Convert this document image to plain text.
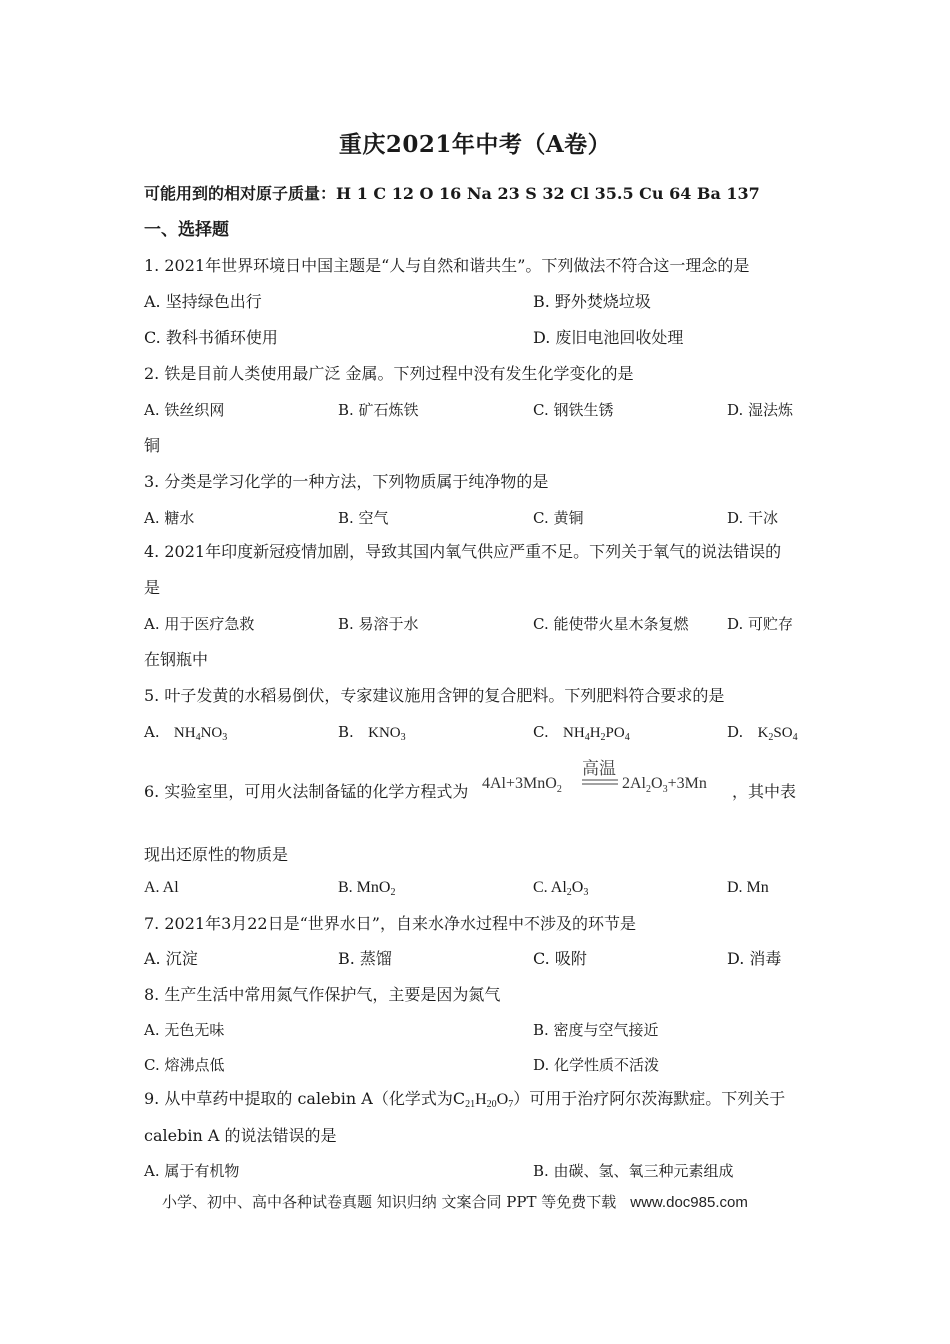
重庆2021年中考（A卷）
可能用到的相对原子质量：H 1 C 12 O 16 Na 23 S 32 Cl 35.5 Cu 64 Ba 137
一、选择题
1. 2021年世界环境日中国主题是“人与自然和谐共生”。下列做法不符合这一理念的是
A. 坚持绿色出行	B. 野外焚烧垃圾
C. 教科书循环使用	D. 废旧电池回收处理
2. 铁是目前人类使用最广泛 金属。下列过程中没有发生化学变化的是
A. 铁丝织网	B. 矿石炼铁	C. 钢铁生锈	D. 湿法炼
铜
3. 分类是学习化学的一种方法，下列物质属于纯净物的是
A. 糖水	B. 空气	C. 黄铜	D. 干冰
4. 2021年印度新冠疫情加剧，导致其国内氧气供应严重不足。下列关于氧气的说法错误的
是
A. 用于医疗急救	B. 易溶于水	C. 能使带火星木条复燃	D. 可贮存
在钢瓶中
5. 叶子发黄的水稻易倒伏，专家建议施用含钾的复合肥料。下列肥料符合要求的是
A. $NH_4NO_3$	B. $KNO_3$	C. $NH_4H_2PO_4$	D. $K_2SO_4$
6. 实验室里，可用火法制备锰的化学方程式为
高温
4Al+3MnO$_2$	$2Al_2O_3+3Mn$ ，其中表
现出还原性的物质是
A. Al	B. MnO$_2$	C. $Al_2O_3$	D. Mn
7. 2021年3月22日是“世界水日”，自来水净水过程中不涉及的环节是
A. 沉淀	B. 蒸馏	C. 吸附	D. 消毒
8. 生产生活中常用氮气作保护气，主要是因为氮气
A. 无色无味	B. 密度与空气接近
C. 熔沸点低	D. 化学性质不活泼
9. 从中草药中提取的 calebin A（化学式为$C_{21}H_{20}O_7$）可用于治疗阿尔茨海默症。下列关于
calebin A 的说法错误的是
A. 属于有机物	B. 由碳、氢、氧三种元素组成
小学、初中、高中各种试卷真题 知识归纳 文案合同 PPT 等免费下载 www.doc985.com
